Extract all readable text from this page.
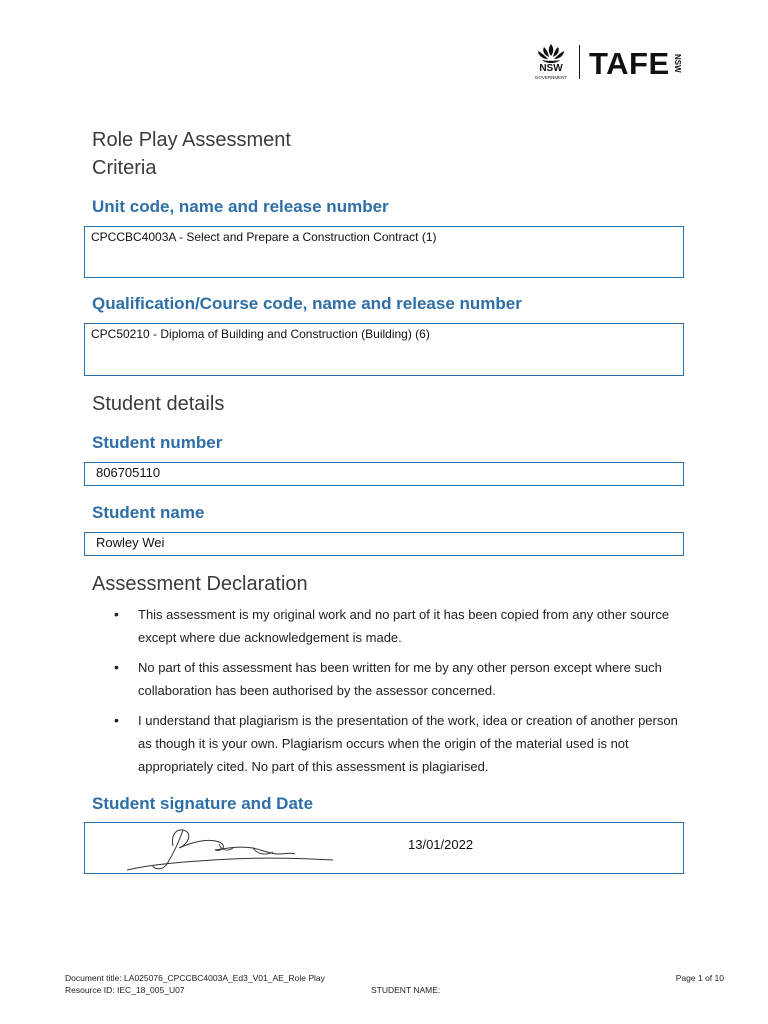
NSW
GOVERNMENT TAFE NSW
Role Play Assessment
Criteria
Unit code, name and release number
CPCCBC4003A - Select and Prepare a Construction Contract (1)
Qualification/Course code, name and release number
CPC50210 - Diploma of Building and Construction (Building) (6)
Student details
Student number
806705110
Student name
Rowley Wei
Assessment Declaration
• This assessment is my original work and no part of it has been copied from any other source except where due acknowledgement is made.
• No part of this assessment has been written for me by any other person except where such collaboration has been authorised by the assessor concerned.
• I understand that plagiarism is the presentation of the work, idea or creation of another person as though it is your own. Plagiarism occurs when the origin of the material used is not appropriately cited. No part of this assessment is plagiarised.
Student signature and Date
13/01/2022
Document title: LA025076_CPCCBC4003A_Ed3_V01_AE_Role Play
Resource ID: IEC_18_005_U07	STUDENT NAME:
Page 1 of 10
